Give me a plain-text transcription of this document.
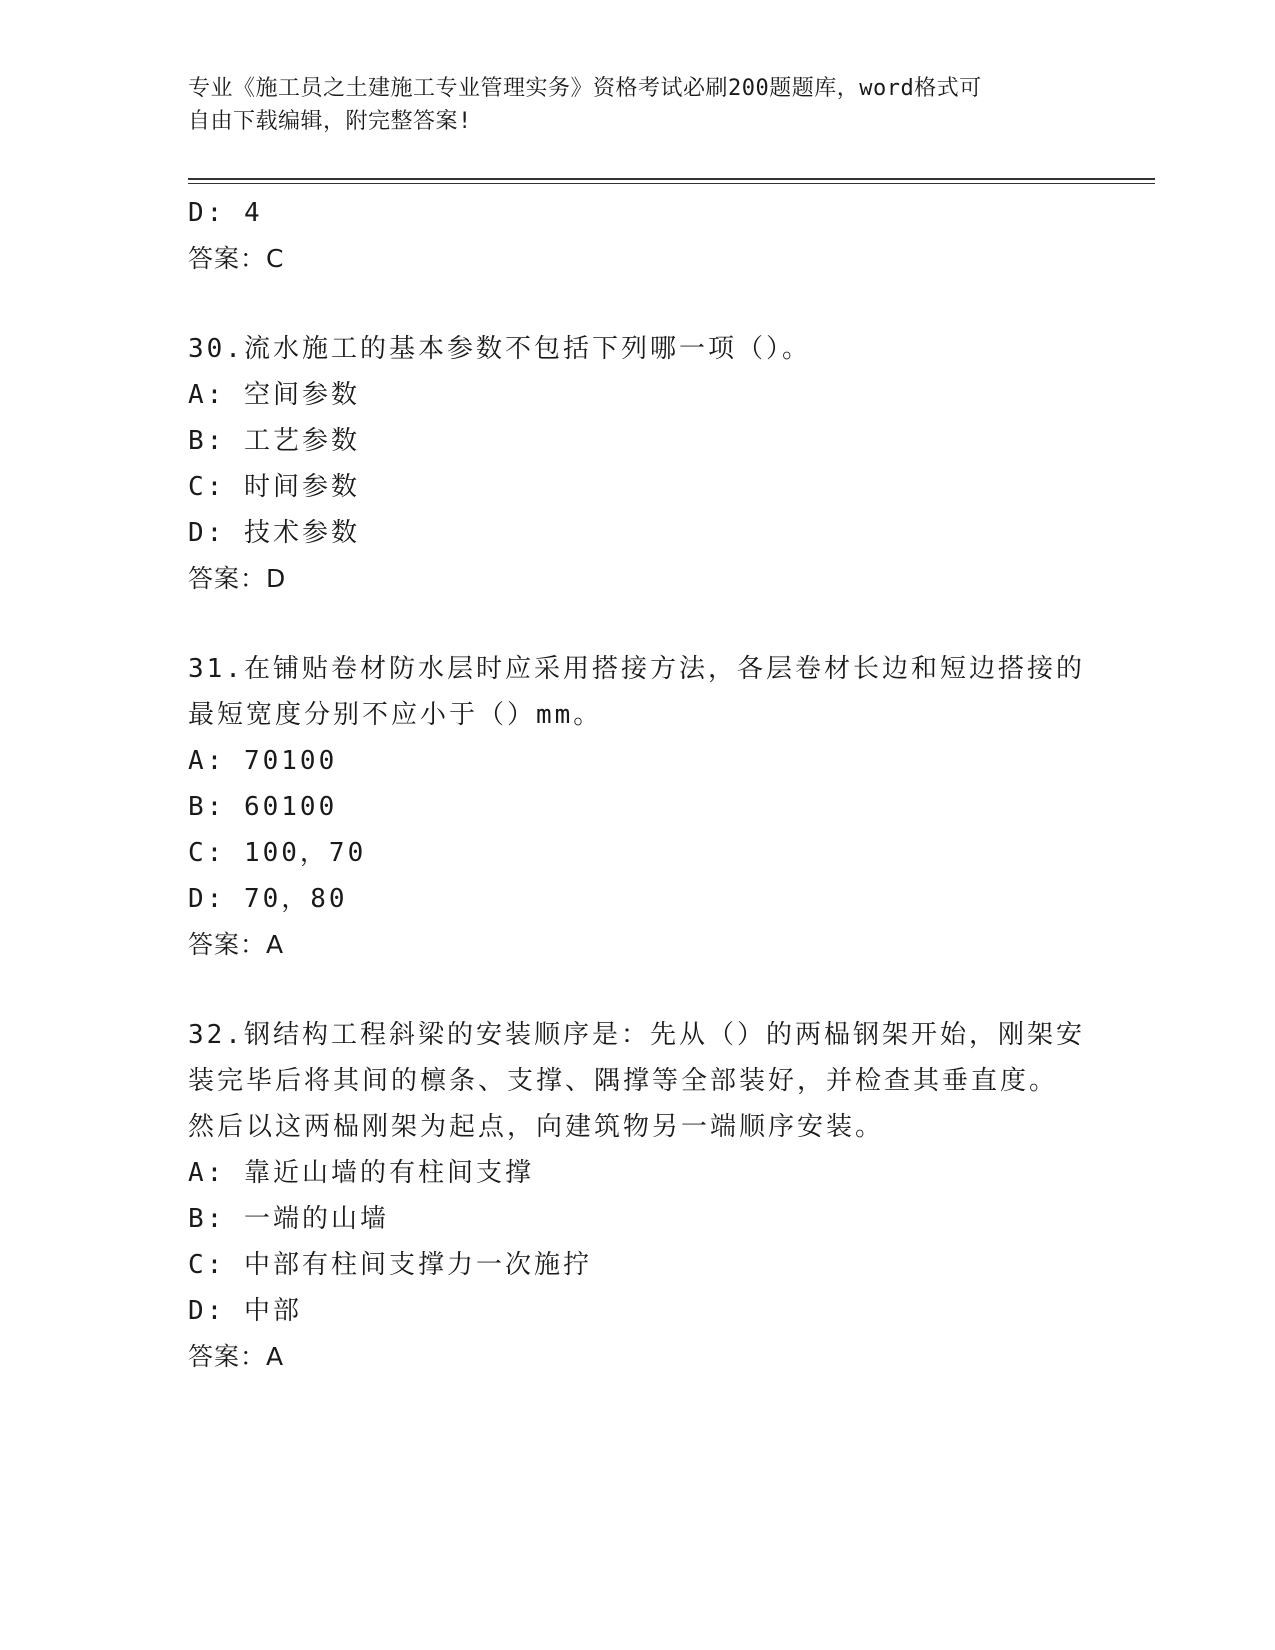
专业《施工员之土建施工专业管理实务》资格考试必刷200题题库，word格式可
自由下载编辑，附完整答案!
D: 4
答案：C
30.流水施工的基本参数不包括下列哪一项（）。
A: 空间参数
B: 工艺参数
C: 时间参数
D: 技术参数
答案：D
31.在铺贴卷材防水层时应采用搭接方法，各层卷材长边和短边搭接的
最短宽度分别不应小于（）mm。
A: 70100
B: 60100
C: 100，70
D: 70，80
答案：A
32.钢结构工程斜梁的安装顺序是：先从（）的两榀钢架开始，刚架安
装完毕后将其间的檩条、支撑、隅撑等全部装好，并检查其垂直度。
然后以这两榀刚架为起点，向建筑物另一端顺序安装。
A: 靠近山墙的有柱间支撑
B: 一端的山墙
C: 中部有柱间支撑力一次施拧
D: 中部
答案：A
